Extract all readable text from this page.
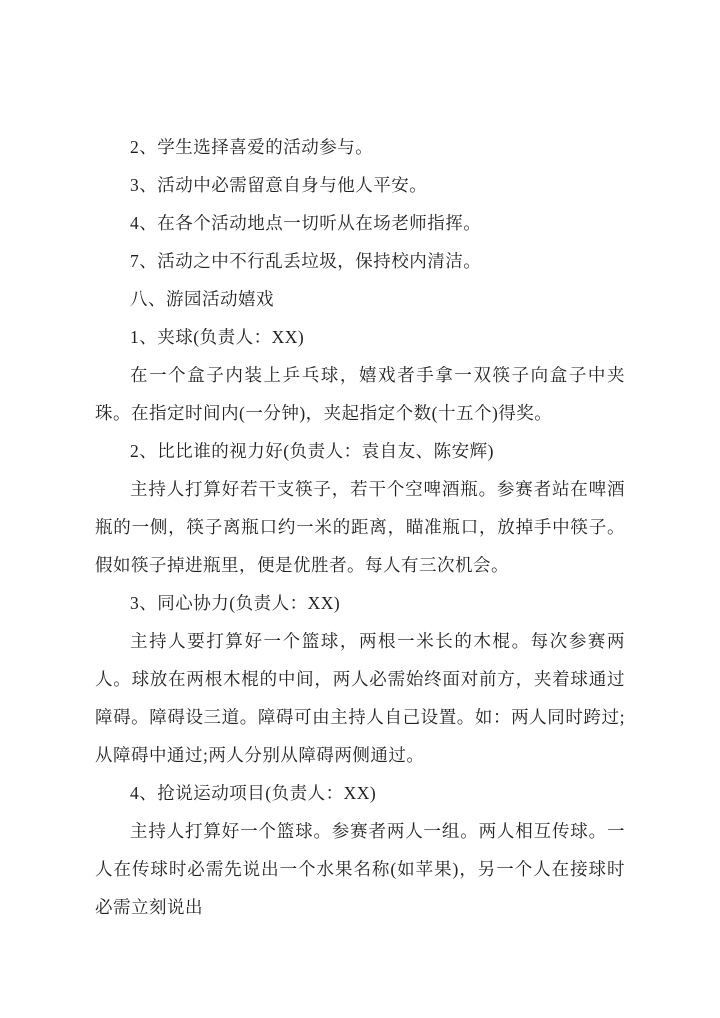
2、学生选择喜爱的活动参与。

3、活动中必需留意自身与他人平安。

4、在各个活动地点一切听从在场老师指挥。

7、活动之中不行乱丢垃圾，保持校内清洁。

八、游园活动嬉戏

1、夹球(负责人：XX)

在一个盒子内装上乒乓球，嬉戏者手拿一双筷子向盒子中夹珠。在指定时间内(一分钟)，夹起指定个数(十五个)得奖。

2、比比谁的视力好(负责人：袁自友、陈安辉)

主持人打算好若干支筷子，若干个空啤酒瓶。参赛者站在啤酒瓶的一侧，筷子离瓶口约一米的距离，瞄准瓶口，放掉手中筷子。假如筷子掉进瓶里，便是优胜者。每人有三次机会。

3、同心协力(负责人：XX)

主持人要打算好一个篮球，两根一米长的木棍。每次参赛两人。球放在两根木棍的中间，两人必需始终面对前方，夹着球通过障碍。障碍设三道。障碍可由主持人自己设置。如：两人同时跨过;从障碍中通过;两人分别从障碍两侧通过。

4、抢说运动项目(负责人：XX)

主持人打算好一个篮球。参赛者两人一组。两人相互传球。一人在传球时必需先说出一个水果名称(如苹果)，另一个人在接球时必需立刻说出
